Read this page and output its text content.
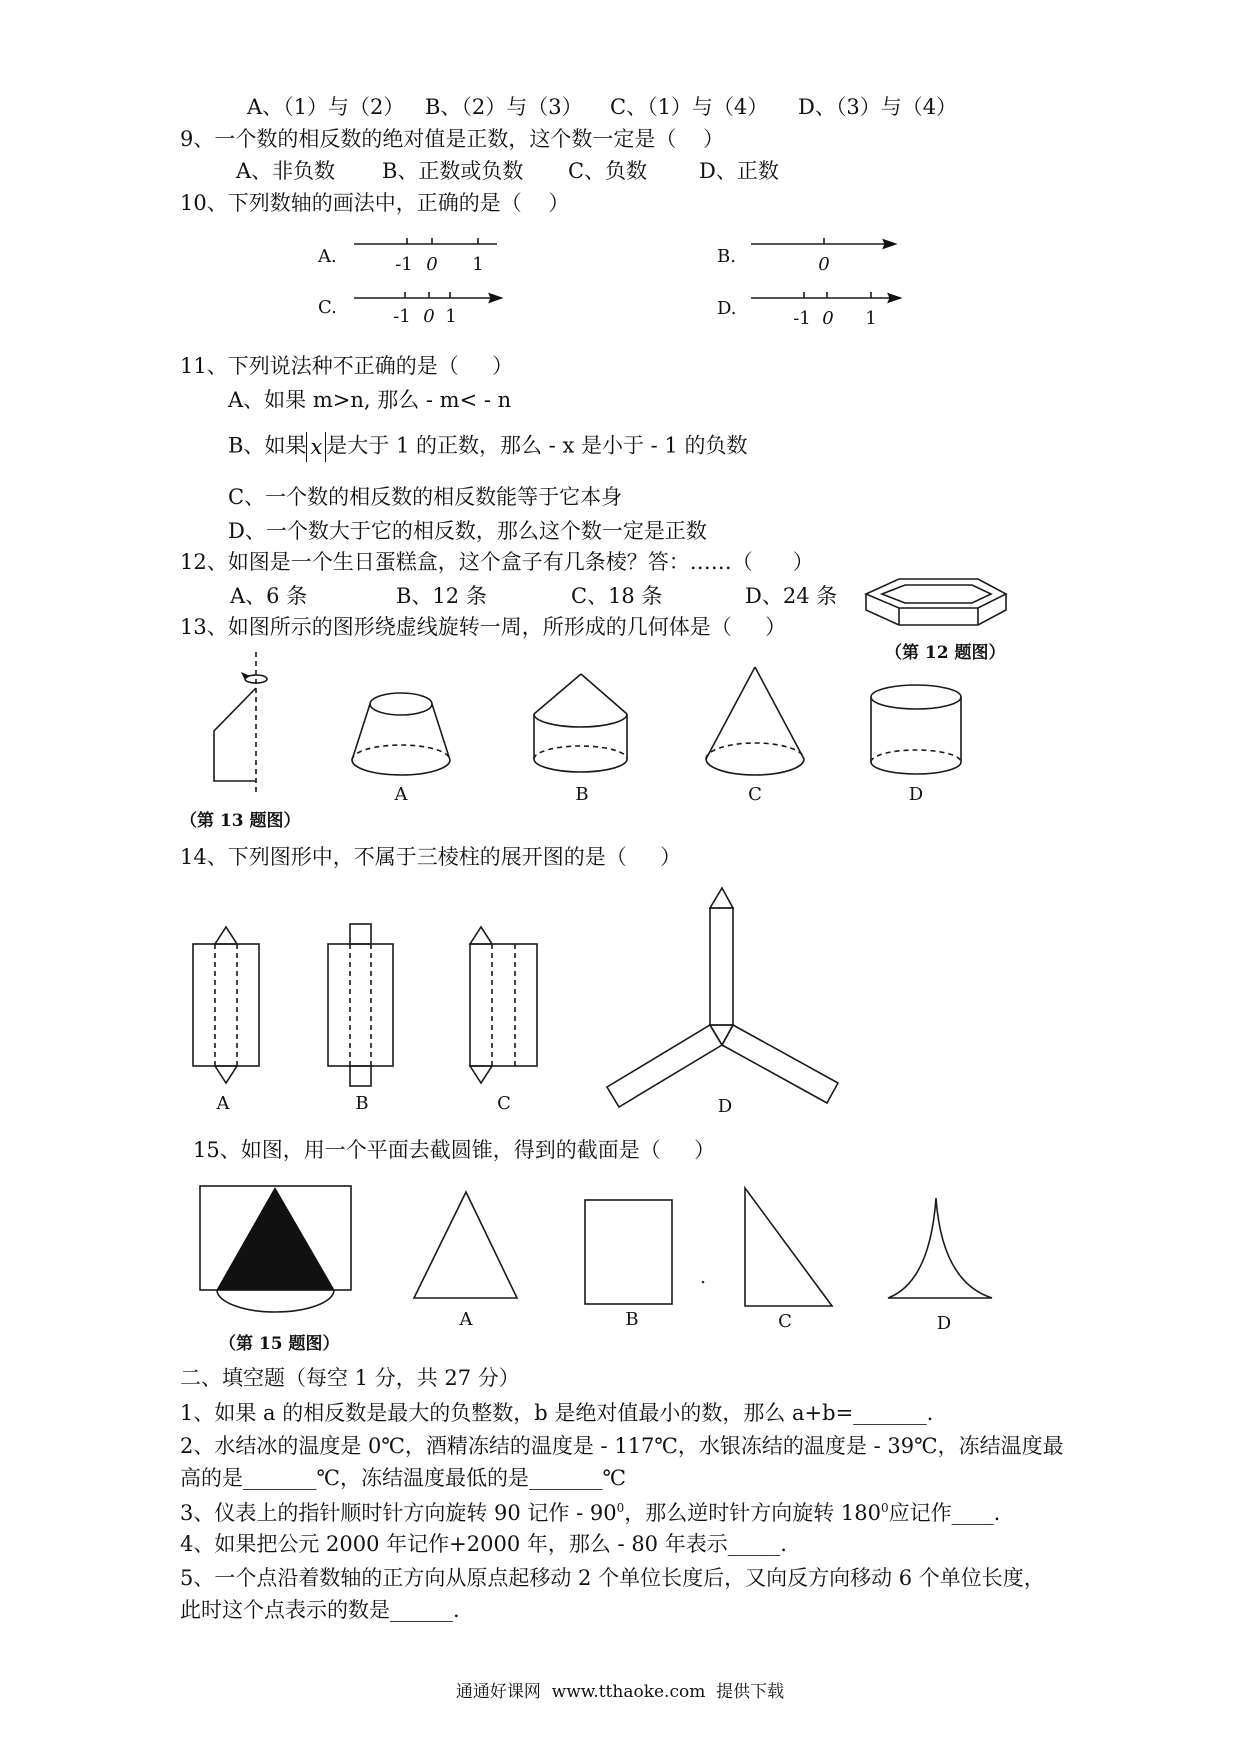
A、（1）与（2） B、（2）与（3） C、（1）与（4） D、（3）与（4）
9、一个数的相反数的绝对值是正数，这个数一定是（    ）
A、非负数 B、正数或负数 C、负数 D、正数
10、下列数轴的画法中，正确的是（    ）
11、下列说法种不正确的是（     ）
A、如果 m>n, 那么 - m< - n
B、如果 x 是大于 1 的正数，那么 - x 是小于 - 1 的负数
C、一个数的相反数的相反数能等于它本身
D、一个数大于它的相反数，那么这个数一定是正数
12、如图是一个生日蛋糕盒，这个盒子有几条棱？答：……（      ）
A、6 条	B、12 条	C、18 条	D、24 条
（第 12 题图）
13、如图所示的图形绕虚线旋转一周，所形成的几何体是（     ）
（第 13 题图）
14、下列图形中，不属于三棱柱的展开图的是（     ）
15、如图，用一个平面去截圆锥，得到的截面是（     ）
（第 15 题图）
二、填空题（每空 1 分，共 27 分）
1、如果 a 的相反数是最大的负整数，b 是绝对值最小的数，那么 a+b=_______.
2、水结冰的温度是 0℃，酒精冻结的温度是 - 117℃，水银冻结的温度是 - 39℃，冻结温度最
高的是_______℃，冻结温度最低的是_______℃
3、仪表上的指针顺时针方向旋转 90 记作 - $90^0$，那么逆时针方向旋转 $180^0$应记作____.
4、如果把公元 2000 年记作+2000 年，那么 - 80 年表示_____.
5、一个点沿着数轴的正方向从原点起移动 2 个单位长度后，又向反方向移动 6 个单位长度，
此时这个点表示的数是______.
通通好课网  www.tthaoke.com  提供下载
A.	-1 0 1	B.	0
C.	-1 0 1	D.	-1 0 1
A	B	C	D
A	B	C	D
A	B	C	D
